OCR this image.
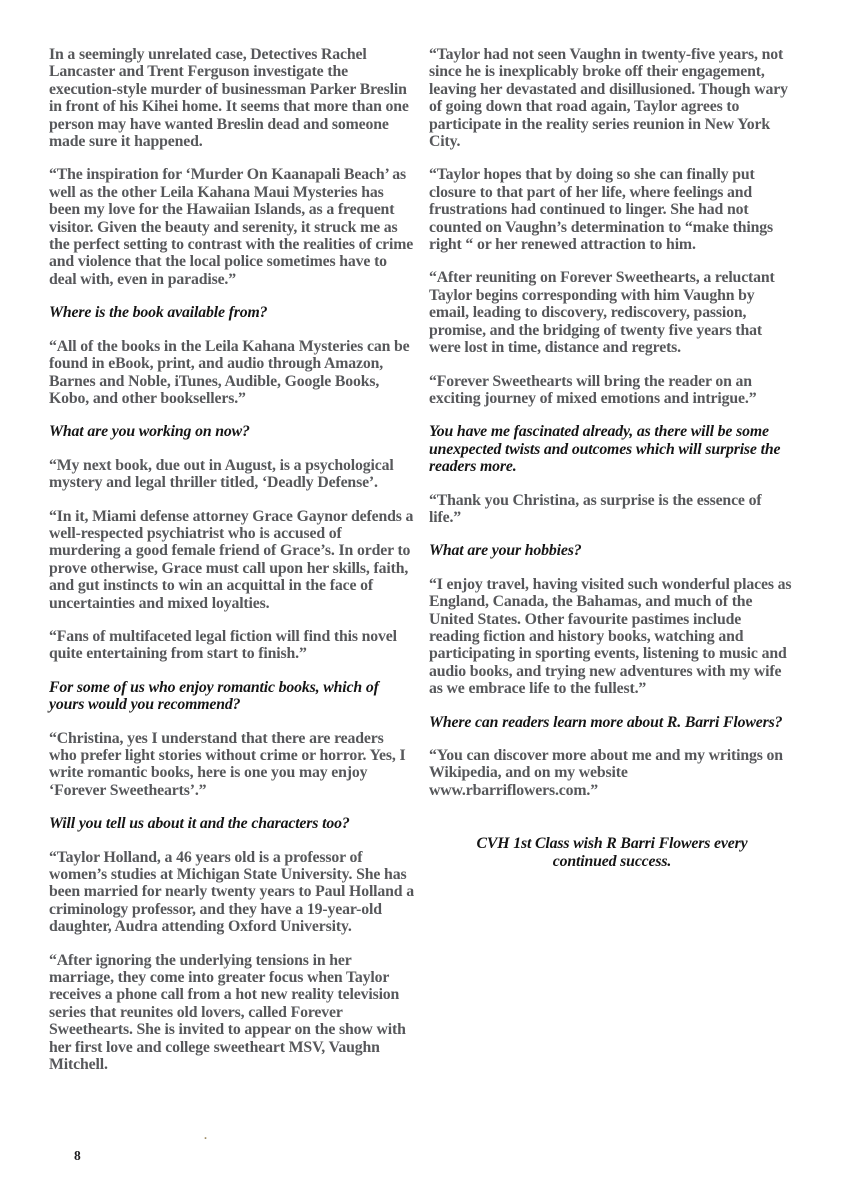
In a seemingly unrelated case, Detectives Rachel Lancaster and Trent Ferguson investigate the execution-style murder of businessman Parker Breslin in front of his Kihei home. It seems that more than one person may have wanted Breslin dead and someone made sure it happened.

“The inspiration for ‘Murder On Kaanapali Beach’ as well as the other Leila Kahana Maui Mysteries has been my love for the Hawaiian Islands, as a frequent visitor. Given the beauty and serenity, it struck me as the perfect setting to contrast with the realities of crime and violence that the local police sometimes have to deal with, even in paradise.”

Where is the book available from?

“All of the books in the Leila Kahana Mysteries can be found in eBook, print, and audio through Amazon, Barnes and Noble, iTunes, Audible, Google Books, Kobo, and other booksellers.”

What are you working on now?

“My next book, due out in August, is a psychological mystery and legal thriller titled, ‘Deadly Defense’.

“In it, Miami defense attorney Grace Gaynor defends a well-respected psychiatrist who is accused of murdering a good female friend of Grace’s. In order to prove otherwise, Grace must call upon her skills, faith, and gut instincts to win an acquittal in the face of uncertainties and mixed loyalties.

“Fans of multifaceted legal fiction will find this novel quite entertaining from start to finish.”

For some of us who enjoy romantic books, which of yours would you recommend?

“Christina, yes I understand that there are readers who prefer light stories without crime or horror. Yes, I write romantic books, here is one you may enjoy ‘Forever Sweethearts’.”

Will you tell us about it and the characters too?

“Taylor Holland, a 46 years old is a professor of women’s studies at Michigan State University. She has been married for nearly twenty years to Paul Holland a criminology professor, and they have a 19-year-old daughter, Audra attending Oxford University.

“After ignoring the underlying tensions in her marriage, they come into greater focus when Taylor receives a phone call from a hot new reality television series that reunites old lovers, called Forever Sweethearts. She is invited to appear on the show with her first love and college sweetheart MSV, Vaughn Mitchell.

“Taylor had not seen Vaughn in twenty-five years, not since he is inexplicably broke off their engagement, leaving her devastated and disillusioned. Though wary of going down that road again, Taylor agrees to participate in the reality series reunion in New York City.

“Taylor hopes that by doing so she can finally put closure to that part of her life, where feelings and frustrations had continued to linger. She had not counted on Vaughn’s determination to “make things right “ or her renewed attraction to him.

“After reuniting on Forever Sweethearts, a reluctant Taylor begins corresponding with him Vaughn by email, leading to discovery, rediscovery, passion, promise, and the bridging of twenty five years that were lost in time, distance and regrets.

“Forever Sweethearts will bring the reader on an exciting journey of mixed emotions and intrigue.”

You have me fascinated already, as there will be some unexpected twists and outcomes which will surprise the readers more.

“Thank you Christina, as surprise is the essence of life.”

What are your hobbies?

“I enjoy travel, having visited such wonderful places as England, Canada, the Bahamas, and much of the United States. Other favourite pastimes include reading fiction and history books, watching and participating in sporting events, listening to music and audio books, and trying new adventures with my wife as we embrace life to the fullest.”

Where can readers learn more about R. Barri Flowers?

“You can discover more about me and my writings on Wikipedia, and on my website www.rbarriflowers.com.”

CVH 1st Class wish R Barri Flowers every continued success.

.
8
